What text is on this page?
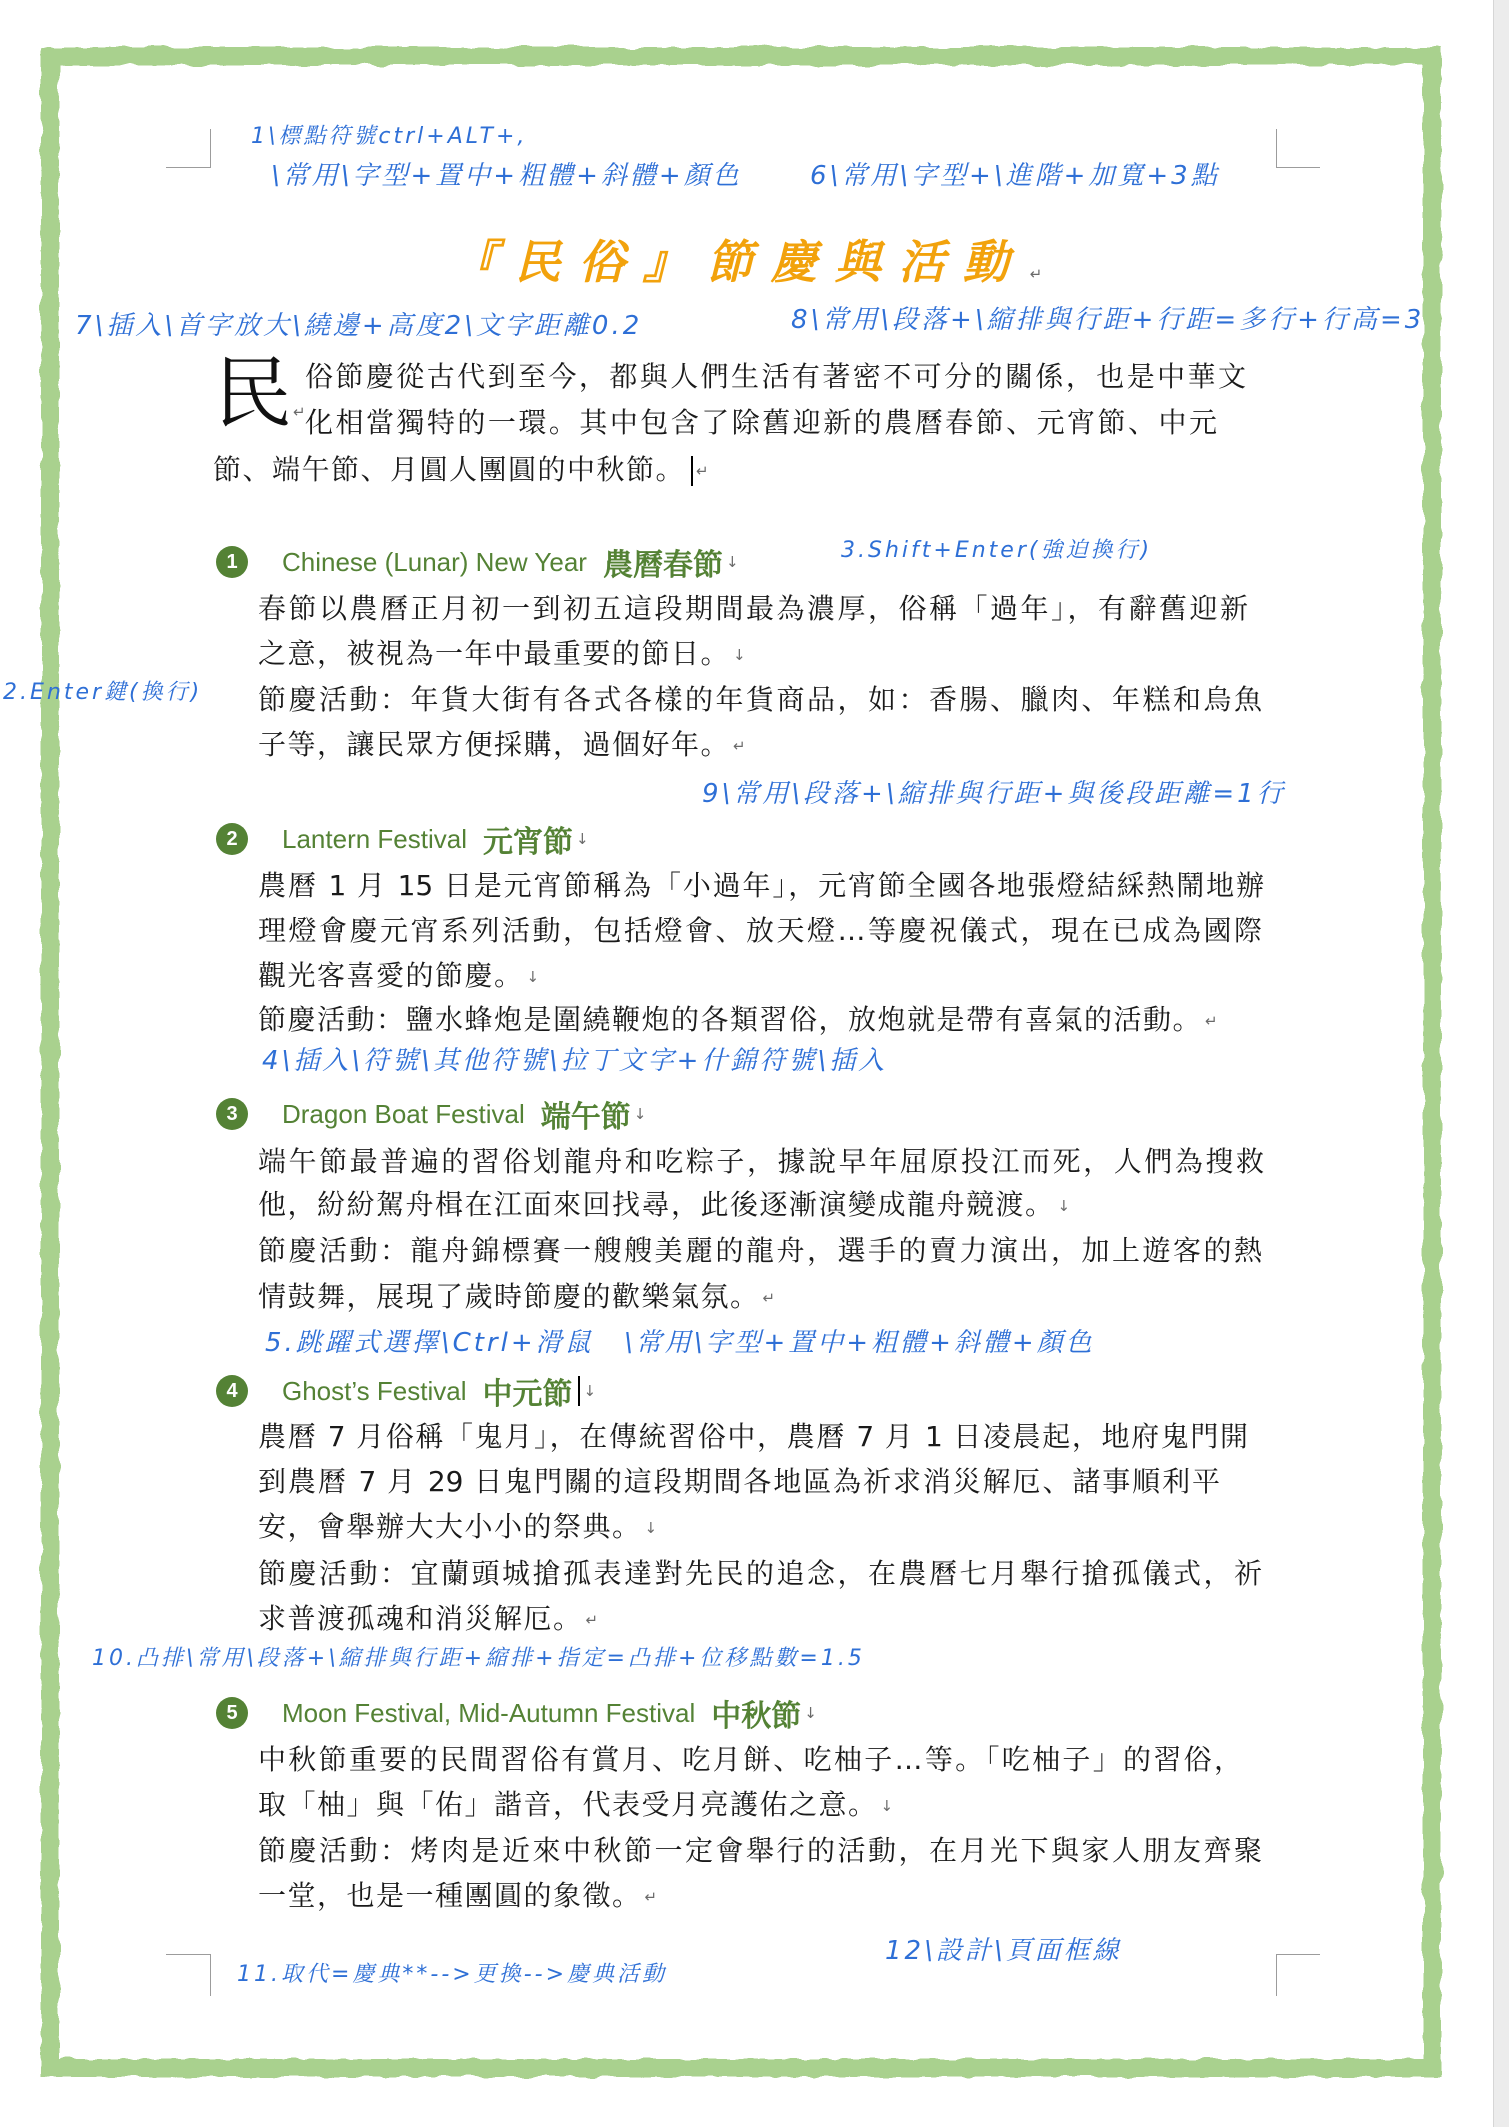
『民俗』節慶與活動 ↵
民 ↵
俗節慶從古代到至今，都與人們生活有著密不可分的關係，也是中華文
化相當獨特的一環。其中包含了除舊迎新的農曆春節、元宵節、中元
節、端午節、月圓人團圓的中秋節。 ↵
1	Chinese (Lunar) New Year 農曆春節 ↓
春節以農曆正月初一到初五這段期間最為濃厚，俗稱「過年」，有辭舊迎新
之意，被視為一年中最重要的節日。 ↓
節慶活動：年貨大街有各式各樣的年貨商品，如：香腸、臘肉、年糕和烏魚
子等，讓民眾方便採購，過個好年。 ↵
2	Lantern Festival 元宵節 ↓
農曆 1 月 15 日是元宵節稱為「小過年」，元宵節全國各地張燈結綵熱鬧地辦
理燈會慶元宵系列活動，包括燈會、放天燈…等慶祝儀式，現在已成為國際
觀光客喜愛的節慶。 ↓
節慶活動：鹽水蜂炮是圍繞鞭炮的各類習俗，放炮就是帶有喜氣的活動。 ↵
3	Dragon Boat Festival 端午節 ↓
端午節最普遍的習俗划龍舟和吃粽子，據說早年屈原投江而死，人們為搜救
他，紛紛駕舟楫在江面來回找尋，此後逐漸演變成龍舟競渡。 ↓
節慶活動：龍舟錦標賽一艘艘美麗的龍舟，選手的賣力演出，加上遊客的熱
情鼓舞，展現了歲時節慶的歡樂氣氛。 ↵
4	Ghost’s Festival 中元節 ↓
農曆 7 月俗稱「鬼月」，在傳統習俗中，農曆 7 月 1 日凌晨起，地府鬼門開
到農曆 7 月 29 日鬼門關的這段期間各地區為祈求消災解厄、諸事順利平
安，會舉辦大大小小的祭典。 ↓
節慶活動：宜蘭頭城搶孤表達對先民的追念，在農曆七月舉行搶孤儀式，祈
求普渡孤魂和消災解厄。 ↵
5	Moon Festival, Mid-Autumn Festival 中秋節 ↓
中秋節重要的民間習俗有賞月、吃月餅、吃柚子…等。「吃柚子」的習俗，
取「柚」與「佑」諧音，代表受月亮護佑之意。 ↓
節慶活動：烤肉是近來中秋節一定會舉行的活動，在月光下與家人朋友齊聚
一堂，也是一種團圓的象徵。 ↵
1\標點符號ctrl+ALT+,
\常用\字型+置中+粗體+斜體+顏色	6\常用\字型+\進階+加寬+3點
7\插入\首字放大\繞邊+高度2\文字距離0.2	8\常用\段落+\縮排與行距+行距=多行+行高=3
3.Shift+Enter(強迫換行)
2.Enter鍵(換行)
9\常用\段落+\縮排與行距+與後段距離=1行
4\插入\符號\其他符號\拉丁文字+什錦符號\插入
5.跳躍式選擇\Ctrl+滑鼠 \常用\字型+置中+粗體+斜體+顏色
10.凸排\常用\段落+\縮排與行距+縮排+指定=凸排+位移點數=1.5
11.取代=慶典**-->更換-->慶典活動
12\設計\頁面框線
